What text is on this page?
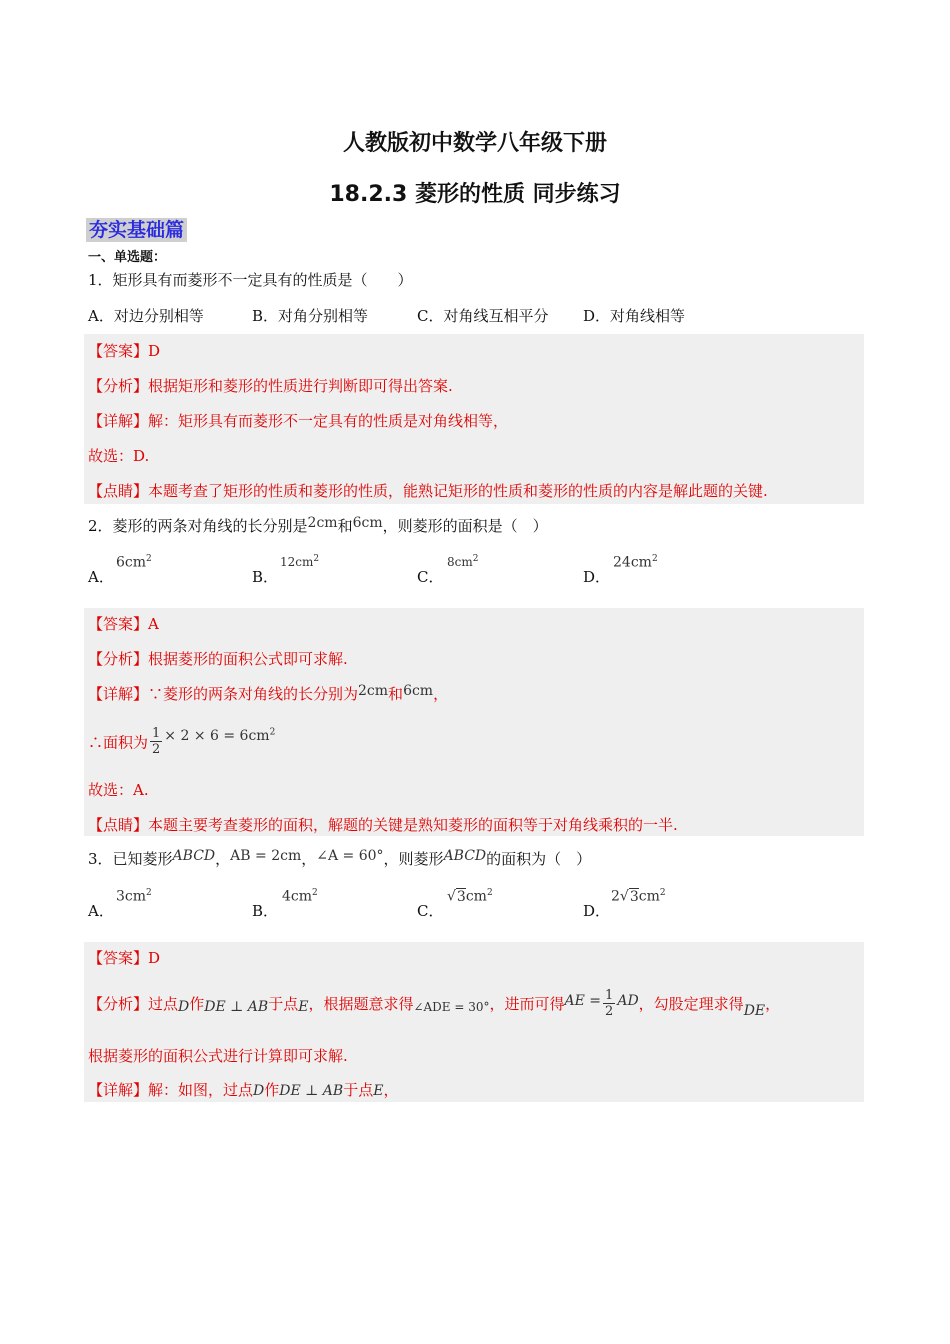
人教版初中数学八年级下册
18.2.3 菱形的性质 同步练习
夯实基础篇
一、单选题：
1．矩形具有而菱形不一定具有的性质是（　　）
A．对边分别相等	B．对角分别相等	C．对角线互相平分 D．对角线相等
【答案】D
【分析】根据矩形和菱形的性质进行判断即可得出答案.
【详解】解：矩形具有而菱形不一定具有的性质是对角线相等，
故选：D.
【点睛】本题考查了矩形的性质和菱形的性质，能熟记矩形的性质和菱形的性质的内容是解此题的关键.
2．菱形的两条对角线的长分别是2cm和6cm，则菱形的面积是（　）
A．
$6cm^2$
B．
$12cm^2$
C．
$8cm^2$
D．
$24cm^2$
【答案】A
【分析】根据菱形的面积公式即可求解.
【详解】∵菱形的两条对角线的长分别为2cm和6cm，
∴面积为 $\frac{1}{2} \times 2 \times 6 = 6cm^2$
故选：A.
【点睛】本题主要考查菱形的面积，解题的关键是熟知菱形的面积等于对角线乘积的一半.
3．已知菱形ABCD，AB = 2cm，∠A = 60°，则菱形ABCD的面积为（　）
A．
$3cm^2$
B．
$4cm^2$
C．
$√3cm^2$
D．
$2√3cm^2$
【答案】D
【分析】过点D作DE ⊥ AB于点E，根据题意求得∠ADE = 30°，进而可得AE = $\frac{1}{2}$ AD，勾股定理求得DE，
根据菱形的面积公式进行计算即可求解.
【详解】解：如图，过点D作DE ⊥ AB于点E，
